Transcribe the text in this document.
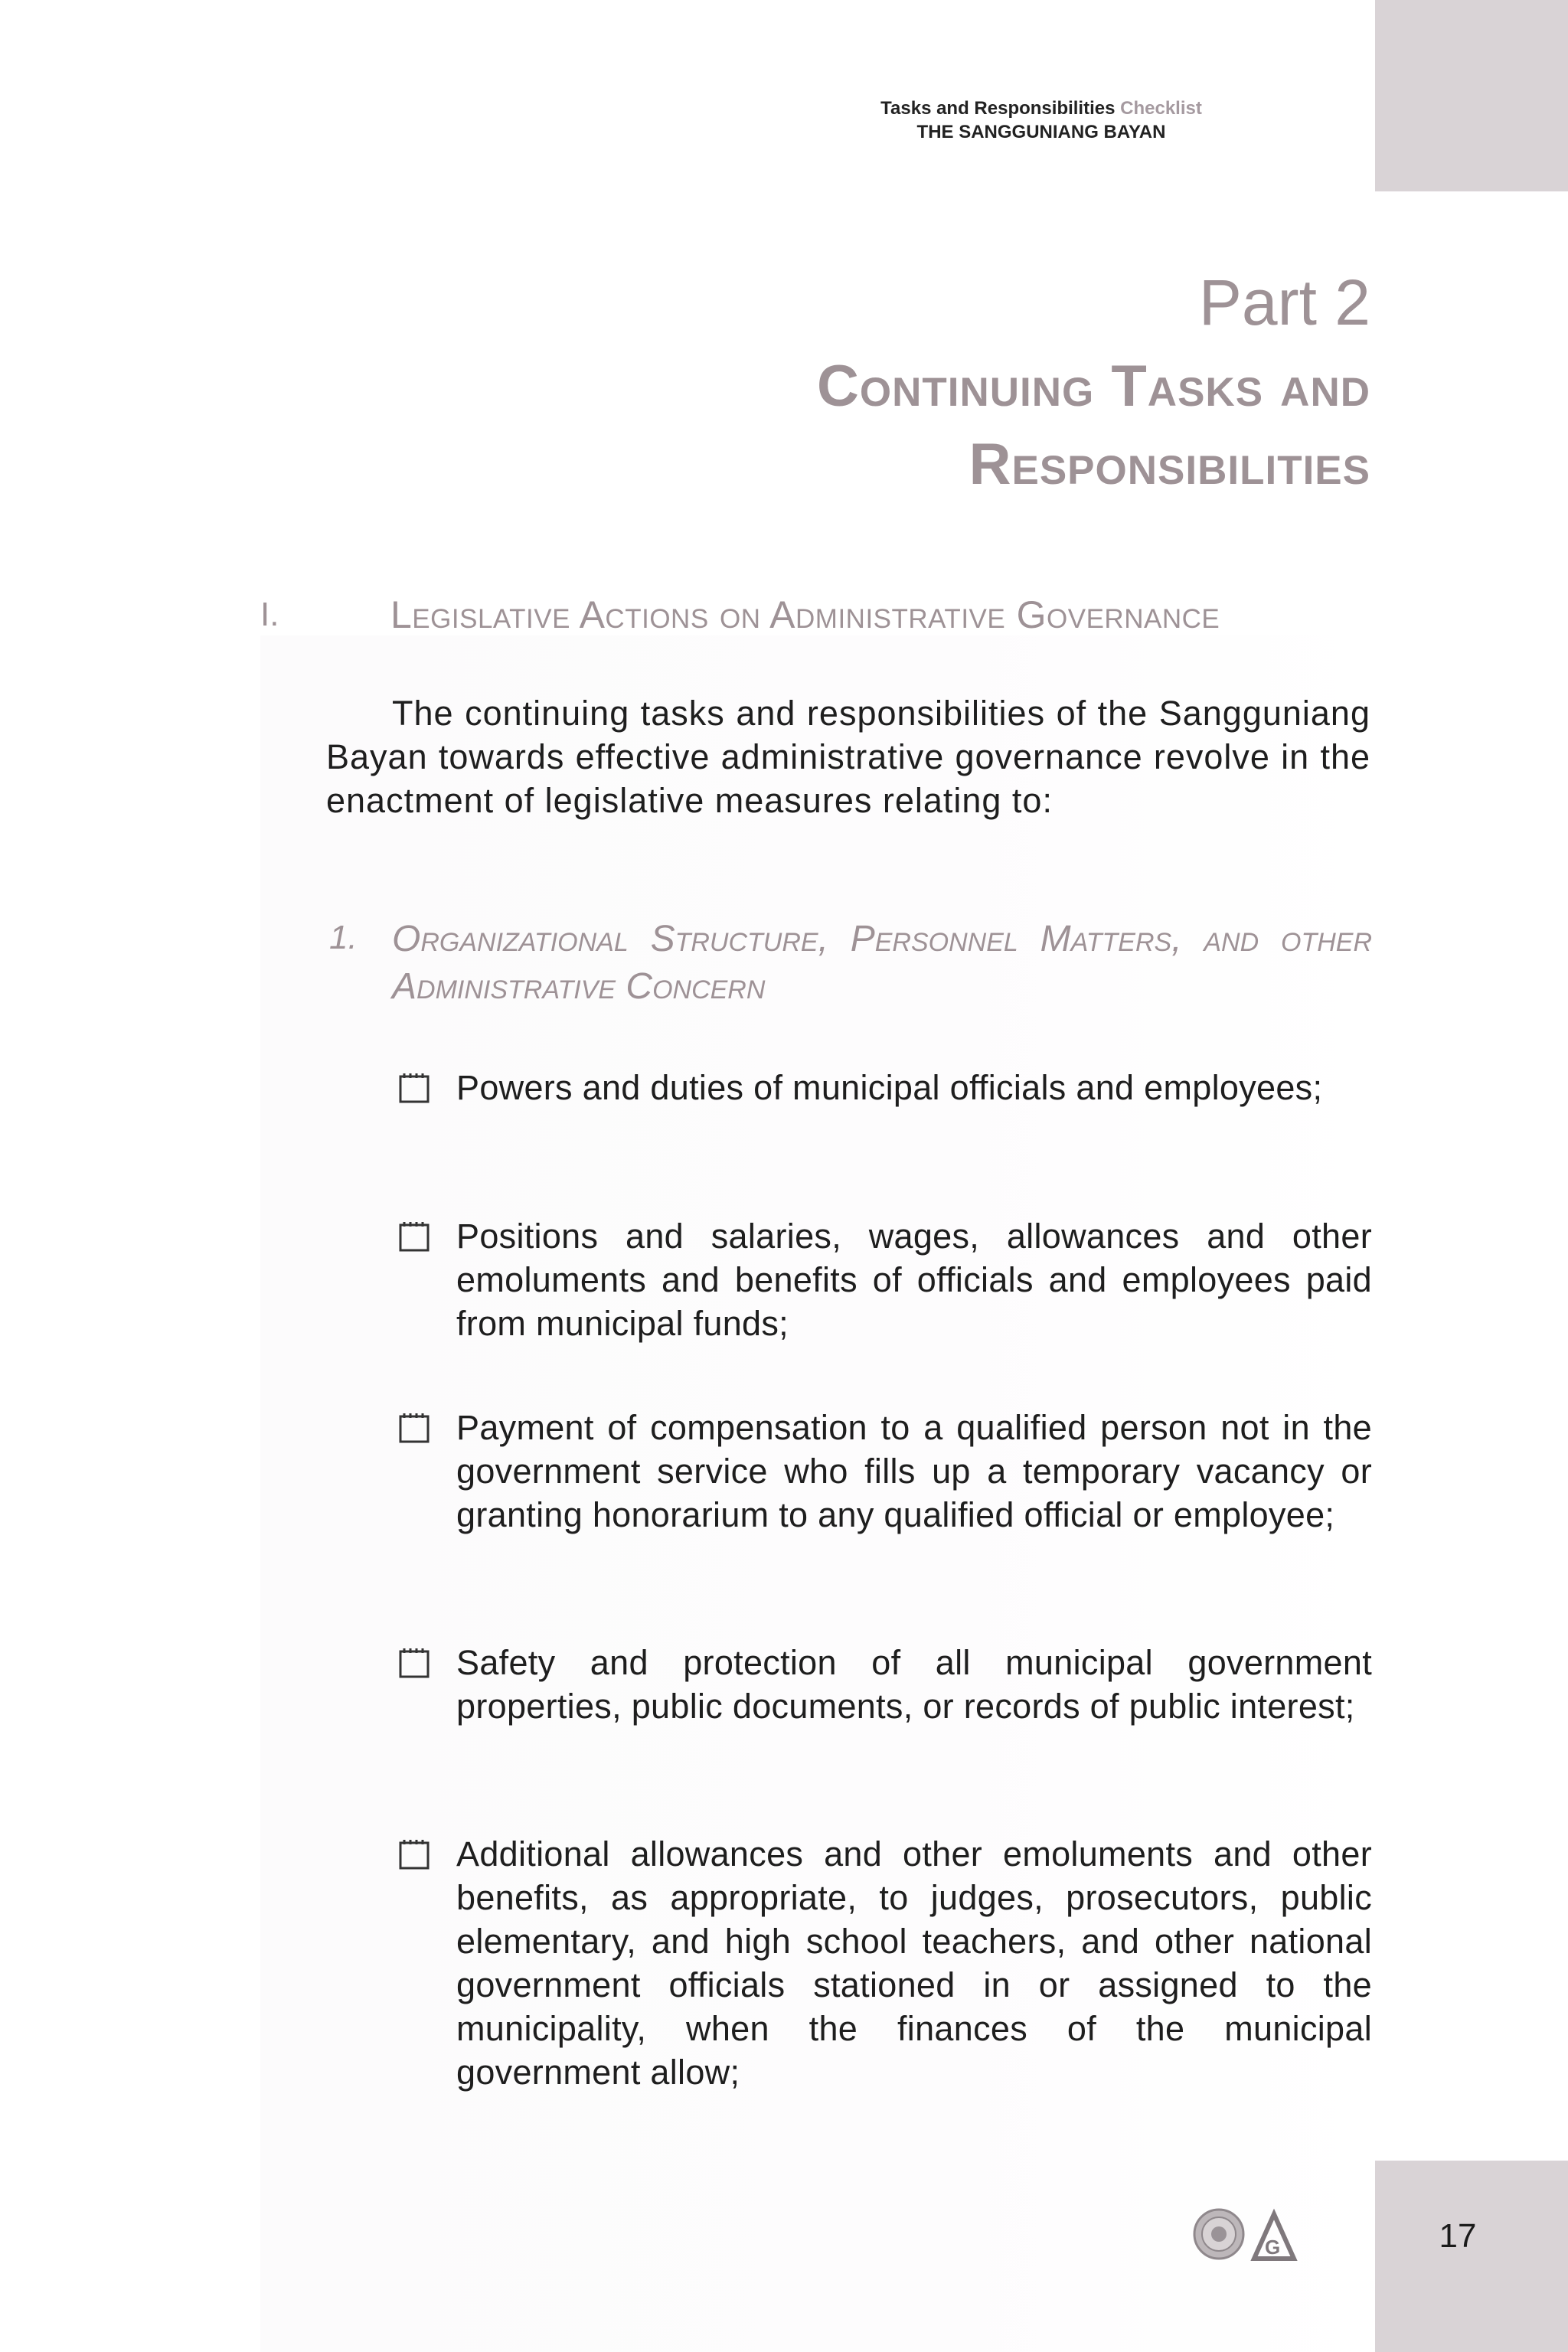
Tasks and Responsibilities Checklist
THE SANGGUNIANG BAYAN
Part 2
Continuing Tasks and Responsibilities
I.	Legislative Actions on Administrative Governance
The continuing tasks and responsibilities of the Sangguniang Bayan towards effective administrative governance revolve in the enactment of legislative measures relating to:
1. Organizational Structure, Personnel Matters, and other Administrative Concern
Powers and duties of municipal officials and employees;
Positions and salaries, wages, allowances and other emoluments and benefits of officials and employees paid from municipal funds;
Payment of compensation to a qualified person not in the government service who fills up a temporary vacancy or granting honorarium to any qualified official or employee;
Safety and protection of all municipal government properties, public documents, or records of public interest;
Additional allowances and other emoluments and other benefits, as appropriate, to judges, prosecutors, public elementary, and high school teachers, and other national government officials stationed in or assigned to the municipality, when the finances of the municipal government allow;
G	17
